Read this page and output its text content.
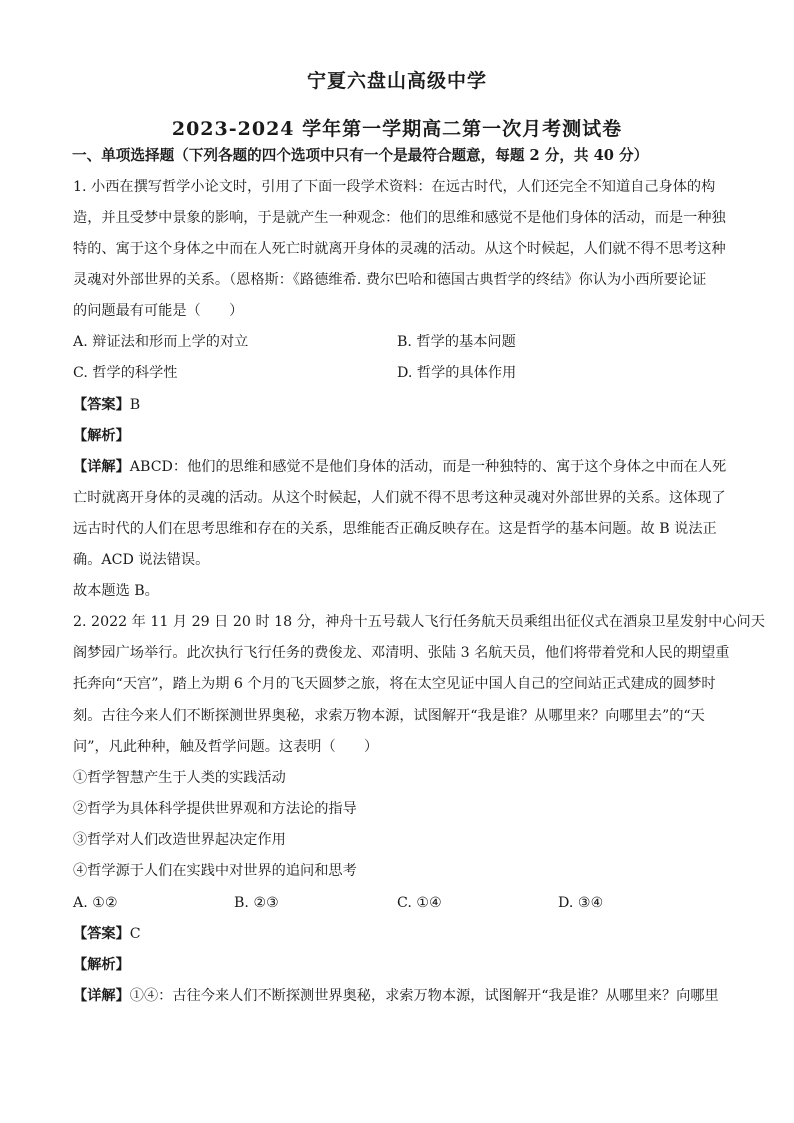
宁夏六盘山高级中学
2023-2024 学年第一学期高二第一次月考测试卷
一、单项选择题（下列各题的四个选项中只有一个是最符合题意，每题 2 分，共 40 分）
1. 小西在撰写哲学小论文时，引用了下面一段学术资料：在远古时代，人们还完全不知道自己身体的构
造，并且受梦中景象的影响，于是就产生一种观念：他们的思维和感觉不是他们身体的活动，而是一种独
特的、寓于这个身体之中而在人死亡时就离开身体的灵魂的活动。从这个时候起，人们就不得不思考这种
灵魂对外部世界的关系。（恩格斯：《路德维希. 费尔巴哈和德国古典哲学的终结》你认为小西所要论证
的问题最有可能是（　　）
A. 辩证法和形而上学的对立	B. 哲学的基本问题
C. 哲学的科学性	D. 哲学的具体作用
【答案】B
【解析】
【详解】ABCD：他们的思维和感觉不是他们身体的活动，而是一种独特的、寓于这个身体之中而在人死
亡时就离开身体的灵魂的活动。从这个时候起，人们就不得不思考这种灵魂对外部世界的关系。这体现了
远古时代的人们在思考思维和存在的关系，思维能否正确反映存在。这是哲学的基本问题。故 B 说法正
确。ACD 说法错误。
故本题选 B。
2. 2022 年 11 月 29 日 20 时 18 分，神舟十五号载人飞行任务航天员乘组出征仪式在酒泉卫星发射中心问天
阁梦园广场举行。此次执行飞行任务的费俊龙、邓清明、张陆 3 名航天员，他们将带着党和人民的期望重
托奔向“天宫”，踏上为期 6 个月的飞天圆梦之旅，将在太空见证中国人自己的空间站正式建成的圆梦时
刻。古往今来人们不断探测世界奥秘，求索万物本源，试图解开“我是谁？从哪里来？向哪里去”的“天
问”，凡此种种，触及哲学问题。这表明（　　）
①哲学智慧产生于人类的实践活动
②哲学为具体科学提供世界观和方法论的指导
③哲学对人们改造世界起决定作用
④哲学源于人们在实践中对世界的追问和思考
A. ①②	B. ②③	C. ①④	D. ③④
【答案】C
【解析】
【详解】①④：古往今来人们不断探测世界奥秘，求索万物本源，试图解开“我是谁？从哪里来？向哪里
